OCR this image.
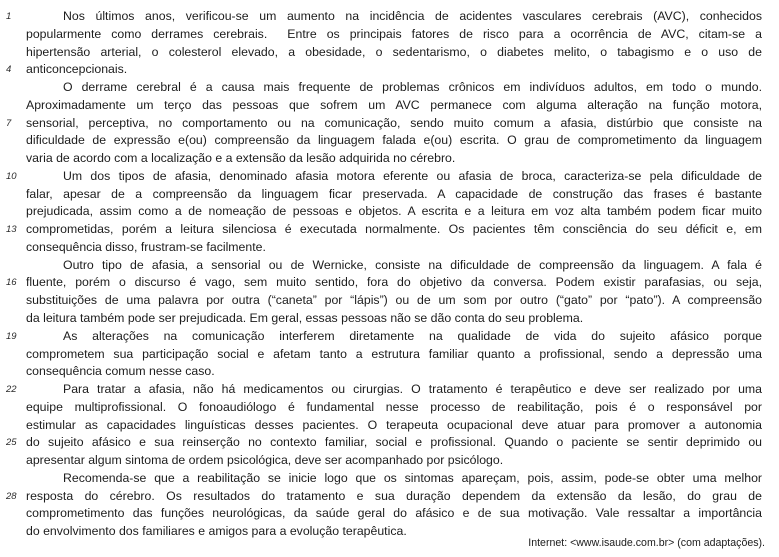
1	Nos últimos anos, verificou-se um aumento na incidência de acidentes vasculares cerebrais (AVC), conhecidos
popularmente como derrames cerebrais.  Entre os principais fatores de risco para a ocorrência de AVC, citam-se a
hipertensão arterial, o colesterol elevado, a obesidade, o sedentarismo, o diabetes melito, o tabagismo e o uso de
4 anticoncepcionais.
O derrame cerebral é a causa mais frequente de problemas crônicos em indivíduos adultos, em todo o mundo.
Aproximadamente um terço das pessoas que sofrem um AVC permanece com alguma alteração na função motora,
7 sensorial, perceptiva, no comportamento ou na comunicação, sendo muito comum a afasia, distúrbio que consiste na
dificuldade de expressão e(ou) compreensão da linguagem falada e(ou) escrita. O grau de comprometimento da linguagem
varia de acordo com a localização e a extensão da lesão adquirida no cérebro.
10	Um dos tipos de afasia, denominado afasia motora eferente ou afasia de broca, caracteriza-se pela dificuldade de
falar, apesar de a compreensão da linguagem ficar preservada. A capacidade de construção das frases é bastante
prejudicada, assim como a de nomeação de pessoas e objetos. A escrita e a leitura em voz alta também podem ficar muito
13 comprometidas, porém a leitura silenciosa é executada normalmente. Os pacientes têm consciência do seu déficit e, em
consequência disso, frustram-se facilmente.
Outro tipo de afasia, a sensorial ou de Wernicke, consiste na dificuldade de compreensão da linguagem. A fala é
16 fluente, porém o discurso é vago, sem muito sentido, fora do objetivo da conversa. Podem existir parafasias, ou seja,
substituições de uma palavra por outra (“caneta” por “lápis”) ou de um som por outro (“gato” por “pato”). A compreensão
da leitura também pode ser prejudicada. Em geral, essas pessoas não se dão conta do seu problema.
19	As alterações na comunicação interferem diretamente na qualidade de vida do sujeito afásico porque
comprometem sua participação social e afetam tanto a estrutura familiar quanto a profissional, sendo a depressão uma
consequência comum nesse caso.
22	Para tratar a afasia, não há medicamentos ou cirurgias. O tratamento é terapêutico e deve ser realizado por uma
equipe multiprofissional. O fonoaudiólogo é fundamental nesse processo de reabilitação, pois é o responsável por
estimular as capacidades linguísticas desses pacientes. O terapeuta ocupacional deve atuar para promover a autonomia
25 do sujeito afásico e sua reinserção no contexto familiar, social e profissional. Quando o paciente se sentir deprimido ou
apresentar algum sintoma de ordem psicológica, deve ser acompanhado por psicólogo.
Recomenda-se que a reabilitação se inicie logo que os sintomas apareçam, pois, assim, pode-se obter uma melhor
28 resposta do cérebro. Os resultados do tratamento e sua duração dependem da extensão da lesão, do grau de
comprometimento das funções neurológicas, da saúde geral do afásico e de sua motivação. Vale ressaltar a importância
do envolvimento dos familiares e amigos para a evolução terapêutica.
Internet: <www.isaude.com.br> (com adaptações).
